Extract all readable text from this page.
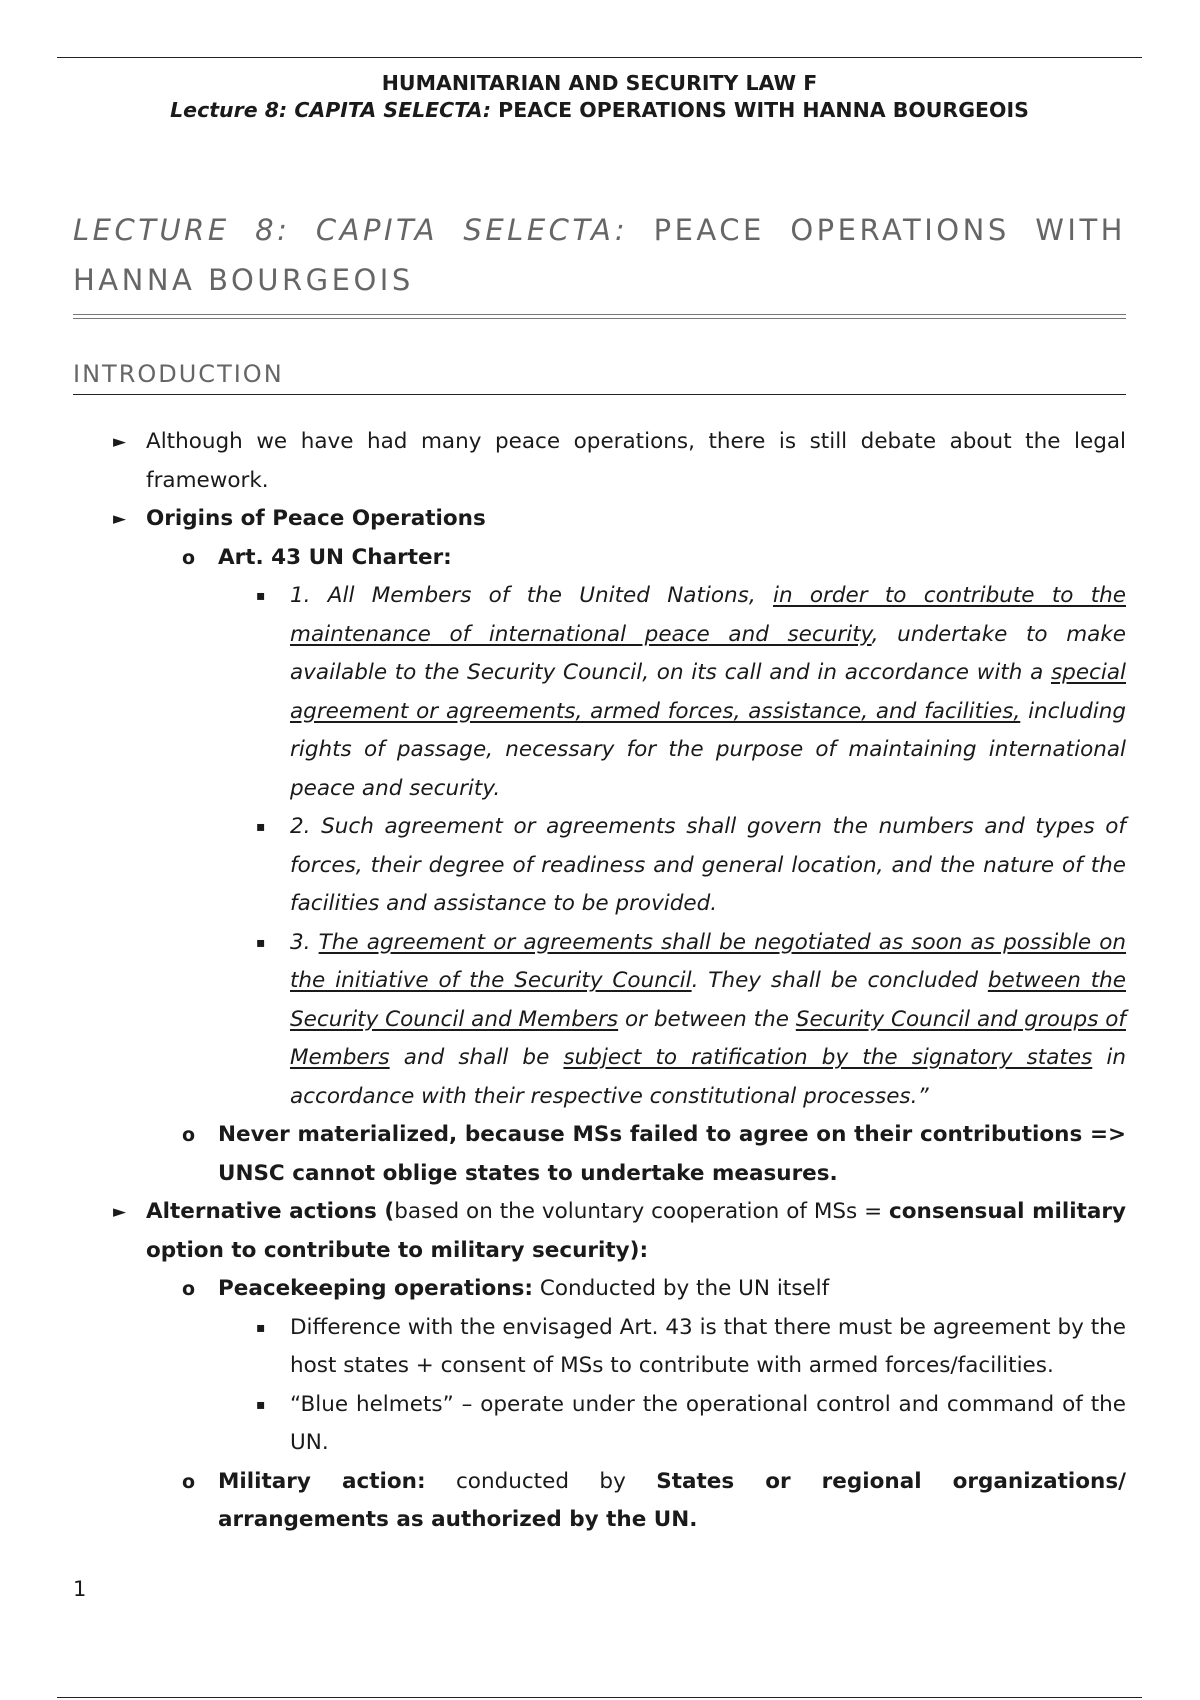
HUMANITARIAN AND SECURITY LAW F
Lecture 8: CAPITA SELECTA: PEACE OPERATIONS WITH HANNA BOURGEOIS
LECTURE 8: CAPITA SELECTA: PEACE OPERATIONS WITH HANNA BOURGEOIS
INTRODUCTION
► Although we have had many peace operations, there is still debate about the legal framework.
► Origins of Peace Operations
o Art. 43 UN Charter:
▪ 1. All Members of the United Nations, in order to contribute to the maintenance of international peace and security, undertake to make available to the Security Council, on its call and in accordance with a special agreement or agreements, armed forces, assistance, and facilities, including rights of passage, necessary for the purpose of maintaining international peace and security.
▪ 2. Such agreement or agreements shall govern the numbers and types of forces, their degree of readiness and general location, and the nature of the facilities and assistance to be provided.
▪ 3. The agreement or agreements shall be negotiated as soon as possible on the initiative of the Security Council. They shall be concluded between the Security Council and Members or between the Security Council and groups of Members and shall be subject to ratification by the signatory states in accordance with their respective constitutional processes.”
o Never materialized, because MSs failed to agree on their contributions => UNSC cannot oblige states to undertake measures.
► Alternative actions (based on the voluntary cooperation of MSs = consensual military option to contribute to military security):
o Peacekeeping operations: Conducted by the UN itself
▪ Difference with the envisaged Art. 43 is that there must be agreement by the host states + consent of MSs to contribute with armed forces/facilities.
▪ “Blue helmets” – operate under the operational control and command of the UN.
o Military action: conducted by States or regional organizations/ arrangements as authorized by the UN.
1
